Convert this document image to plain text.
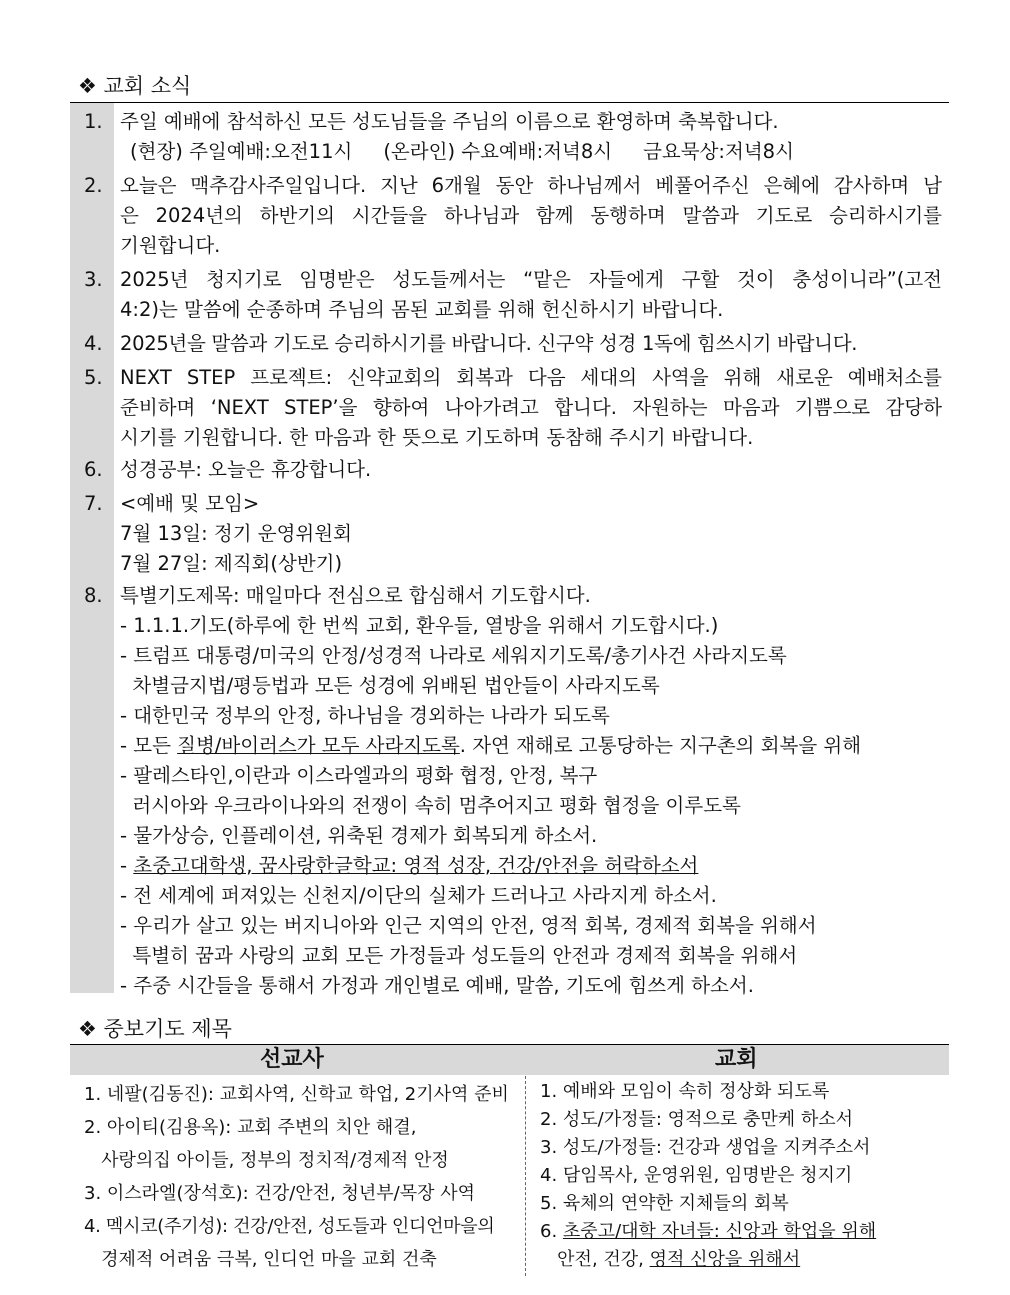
❖ 교회 소식
1. 주일 예배에 참석하신 모든 성도님들을 주님의 이름으로 환영하며 축복합니다.
(현장) 주일예배:오전11시     (온라인) 수요예배:저녁8시     금요묵상:저녁8시
2. 오늘은 맥추감사주일입니다. 지난 6개월 동안 하나님께서 베풀어주신 은혜에 감사하며 남
은 2024년의 하반기의 시간들을 하나님과 함께 동행하며 말씀과 기도로 승리하시기를
기원합니다.
3. 2025년 청지기로 임명받은 성도들께서는 “맡은 자들에게 구할 것이 충성이니라”(고전
4:2)는 말씀에 순종하며 주님의 몸된 교회를 위해 헌신하시기 바랍니다.
4. 2025년을 말씀과 기도로 승리하시기를 바랍니다. 신구약 성경 1독에 힘쓰시기 바랍니다.
5. NEXT STEP 프로젝트: 신약교회의 회복과 다음 세대의 사역을 위해 새로운 예배처소를
준비하며 ‘NEXT STEP’을 향하여 나아가려고 합니다. 자원하는 마음과 기쁨으로 감당하
시기를 기원합니다. 한 마음과 한 뜻으로 기도하며 동참해 주시기 바랍니다.
6. 성경공부: 오늘은 휴강합니다.
7. <예배 및 모임>
7월 13일: 정기 운영위원회
7월 27일: 제직회(상반기)
8. 특별기도제목: 매일마다 전심으로 합심해서 기도합시다.
- 1.1.1.기도(하루에 한 번씩 교회, 환우들, 열방을 위해서 기도합시다.)
- 트럼프 대통령/미국의 안정/성경적 나라로 세워지기도록/총기사건 사라지도록
차별금지법/평등법과 모든 성경에 위배된 법안들이 사라지도록
- 대한민국 정부의 안정, 하나님을 경외하는 나라가 되도록
- 모든 질병/바이러스가 모두 사라지도록. 자연 재해로 고통당하는 지구촌의 회복을 위해
- 팔레스타인,이란과 이스라엘과의 평화 협정, 안정, 복구
러시아와 우크라이나와의 전쟁이 속히 멈추어지고 평화 협정을 이루도록
- 물가상승, 인플레이션, 위축된 경제가 회복되게 하소서.
- 초중고대학생, 꿈사랑한글학교: 영적 성장, 건강/안전을 허락하소서
- 전 세계에 퍼져있는 신천지/이단의 실체가 드러나고 사라지게 하소서.
- 우리가 살고 있는 버지니아와 인근 지역의 안전, 영적 회복, 경제적 회복을 위해서
특별히 꿈과 사랑의 교회 모든 가정들과 성도들의 안전과 경제적 회복을 위해서
- 주중 시간들을 통해서 가정과 개인별로 예배, 말씀, 기도에 힘쓰게 하소서.
❖ 중보기도 제목
선교사	교회
1. 네팔(김동진): 교회사역, 신학교 학업, 2기사역 준비
2. 아이티(김용옥): 교회 주변의 치안 해결,
사랑의집 아이들, 정부의 정치적/경제적 안정
3. 이스라엘(장석호): 건강/안전, 청년부/목장 사역
4. 멕시코(주기성): 건강/안전, 성도들과 인디언마을의
경제적 어려움 극복, 인디언 마을 교회 건축
1. 예배와 모임이 속히 정상화 되도록
2. 성도/가정들: 영적으로 충만케 하소서
3. 성도/가정들: 건강과 생업을 지켜주소서
4. 담임목사, 운영위원, 임명받은 청지기
5. 육체의 연약한 지체들의 회복
6. 초중고/대학 자녀들: 신앙과 학업을 위해
안전, 건강, 영적 신앙을 위해서
